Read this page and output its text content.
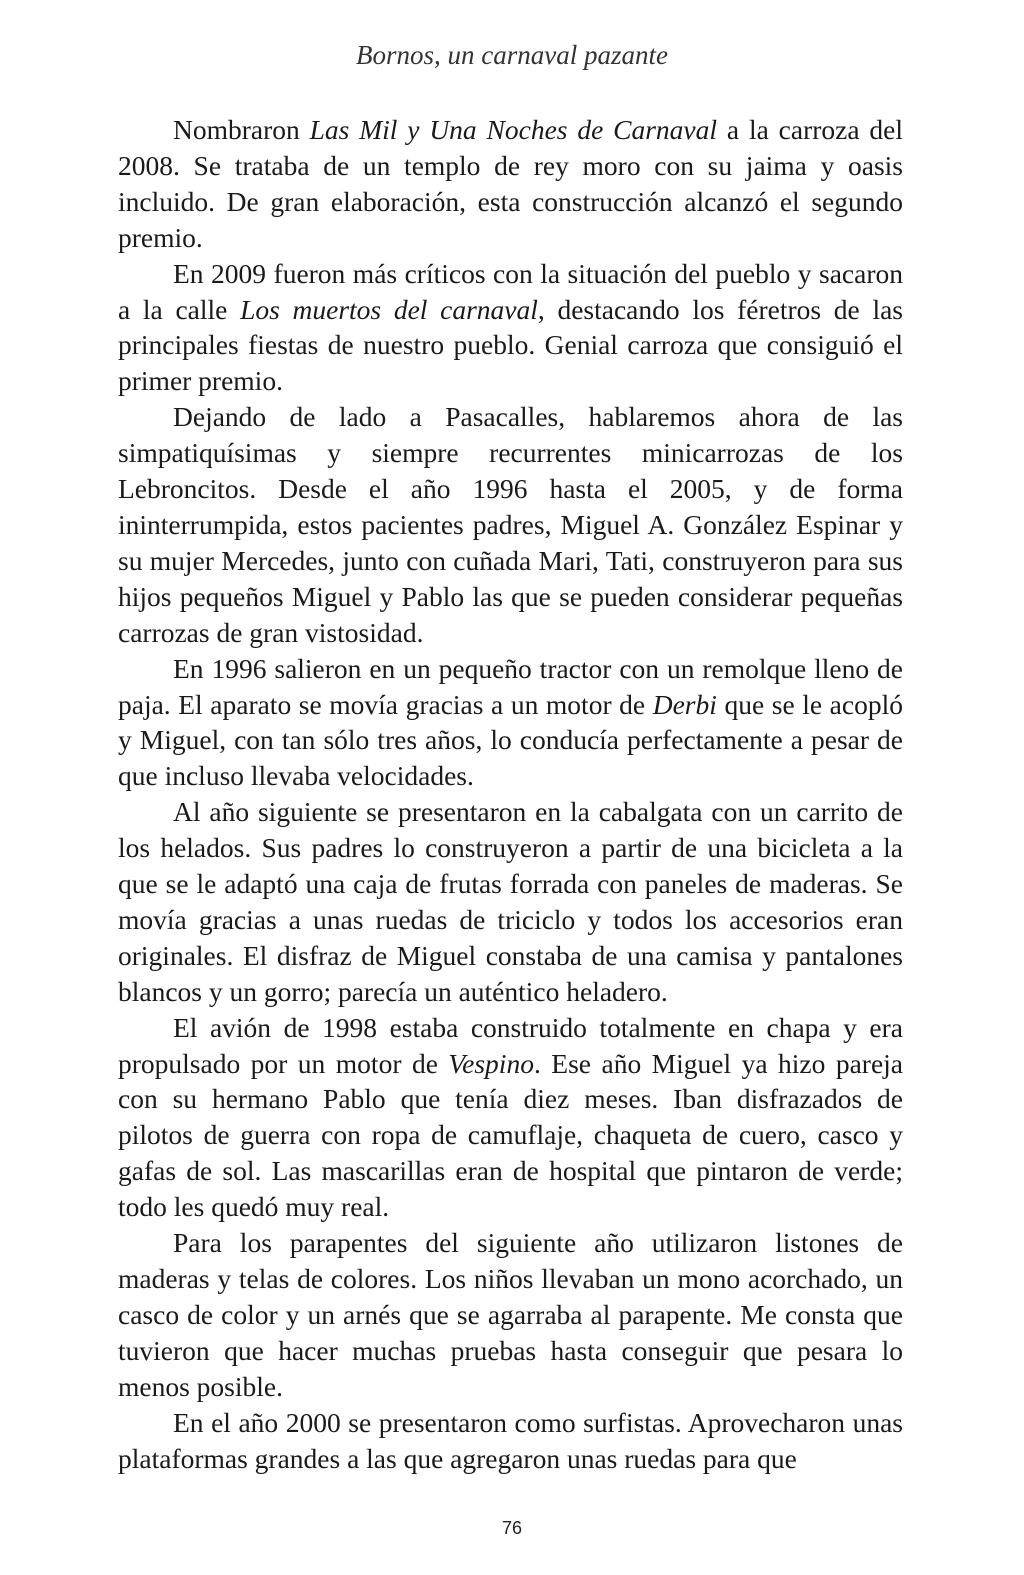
Bornos, un carnaval pazante

Nombraron Las Mil y Una Noches de Carnaval a la carroza del 2008. Se trataba de un templo de rey moro con su jaima y oasis incluido. De gran elaboración, esta construcción alcanzó el segundo premio.

En 2009 fueron más críticos con la situación del pueblo y sacaron a la calle Los muertos del carnaval, destacando los féretros de las principales fiestas de nuestro pueblo. Genial carroza que consiguió el primer premio.

Dejando de lado a Pasacalles, hablaremos ahora de las simpatiquísimas y siempre recurrentes minicarrozas de los Lebroncitos. Desde el año 1996 hasta el 2005, y de forma ininterrumpida, estos pacientes padres, Miguel A. González Espinar y su mujer Mercedes, junto con cuñada Mari, Tati, construyeron para sus hijos pequeños Miguel y Pablo las que se pueden considerar pequeñas carrozas de gran vistosidad.

En 1996 salieron en un pequeño tractor con un remolque lleno de paja. El aparato se movía gracias a un motor de Derbi que se le acopló y Miguel, con tan sólo tres años, lo conducía perfectamente a pesar de que incluso llevaba velocidades.

Al año siguiente se presentaron en la cabalgata con un carrito de los helados. Sus padres lo construyeron a partir de una bicicleta a la que se le adaptó una caja de frutas forrada con paneles de maderas. Se movía gracias a unas ruedas de triciclo y todos los accesorios eran originales. El disfraz de Miguel constaba de una camisa y pantalones blancos y un gorro; parecía un auténtico heladero.

El avión de 1998 estaba construido totalmente en chapa y era propulsado por un motor de Vespino. Ese año Miguel ya hizo pareja con su hermano Pablo que tenía diez meses. Iban disfrazados de pilotos de guerra con ropa de camuflaje, chaqueta de cuero, casco y gafas de sol. Las mascarillas eran de hospital que pintaron de verde; todo les quedó muy real.

Para los parapentes del siguiente año utilizaron listones de maderas y telas de colores. Los niños llevaban un mono acorchado, un casco de color y un arnés que se agarraba al parapente. Me consta que tuvieron que hacer muchas pruebas hasta conseguir que pesara lo menos posible.

En el año 2000 se presentaron como surfistas. Aprovecharon unas plataformas grandes a las que agregaron unas ruedas para que

76
